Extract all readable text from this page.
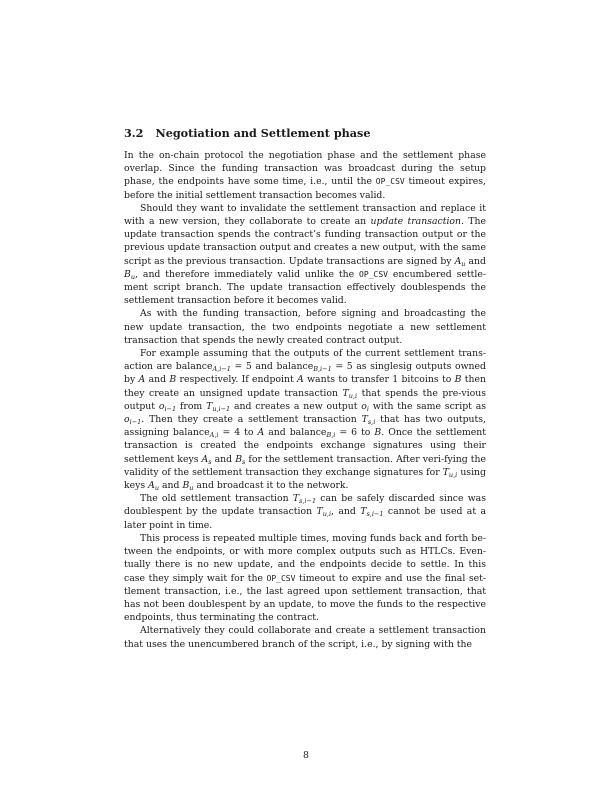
3.2 Negotiation and Settlement phase

In the on-chain protocol the negotiation phase and the settlement phase overlap. Since the funding transaction was broadcast during the setup phase, the endpoints have some time, i.e., until the OP_CSV timeout expires, before the initial settlement transaction becomes valid.

Should they want to invalidate the settlement transaction and replace it with a new version, they collaborate to create an update transaction. The update transaction spends the contract’s funding transaction output or the previous update transaction output and creates a new output, with the same script as the previous transaction. Update transactions are signed by $A_u$ and $B_u$, and therefore immediately valid unlike the OP_CSV encumbered settle-ment script branch. The update transaction effectively doublespends the settlement transaction before it becomes valid.

As with the funding transaction, before signing and broadcasting the new update transaction, the two endpoints negotiate a new settlement transaction that spends the newly created contract output.

For example assuming that the outputs of the current settlement trans-action are balance$_{A,i-1}$ = 5 and balance$_{B,i-1}$ = 5 as singlesig outputs owned by A and B respectively. If endpoint A wants to transfer 1 bitcoins to B then they create an unsigned update transaction $T_{u,i}$ that spends the pre-vious output $o_{i-1}$ from $T_{u,i-1}$ and creates a new output $o_i$ with the same script as $o_{i-1}$. Then they create a settlement transaction $T_{s,i}$ that has two outputs, assigning balance$_{A,i}$ = 4 to A and balance$_{B,i}$ = 6 to B. Once the settlement transaction is created the endpoints exchange signatures using their settlement keys $A_s$ and $B_s$ for the settlement transaction. After veri-fying the validity of the settlement transaction they exchange signatures for $T_{u,i}$ using keys $A_u$ and $B_u$ and broadcast it to the network.

The old settlement transaction $T_{s,i-1}$ can be safely discarded since was doublespent by the update transaction $T_{u,i}$, and $T_{s,i-1}$ cannot be used at a later point in time.

This process is repeated multiple times, moving funds back and forth be-tween the endpoints, or with more complex outputs such as HTLCs. Even-tually there is no new update, and the endpoints decide to settle. In this case they simply wait for the OP_CSV timeout to expire and use the final set-tlement transaction, i.e., the last agreed upon settlement transaction, that has not been doublespent by an update, to move the funds to the respective endpoints, thus terminating the contract.

Alternatively they could collaborate and create a settlement transaction that uses the unencumbered branch of the script, i.e., by signing with the

8
